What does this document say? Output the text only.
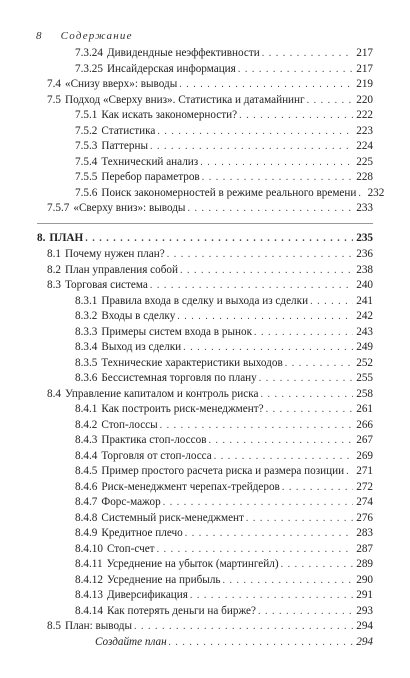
8 Содержание
7.3.24 Дивидендные неэффективности . . .	217
7.3.25 Инсайдерская информация . . .	217
7.4 «Снизу вверх»: выводы . . .	219
7.5 Подход «Сверху вниз». Статистика и датамайнинг . . .	220
7.5.1 Как искать закономерности? . . .	222
7.5.2 Статистика . . .	223
7.5.3 Паттерны . . .	224
7.5.4 Технический анализ . . .	225
7.5.5 Перебор параметров . . .	228
7.5.6 Поиск закономерностей в режиме реального времени . . . 232
7.5.7 «Сверху вниз»: выводы . . .	233
8. ПЛАН . . .	235
8.1 Почему нужен план? . . .	236
8.2 План управления собой . . .	238
8.3 Торговая система . . .	240
8.3.1 Правила входа в сделку и выхода из сделки . . .	241
8.3.2 Входы в сделку . . .	242
8.3.3 Примеры систем входа в рынок . . .	243
8.3.4 Выход из сделки . . .	249
8.3.5 Технические характеристики выходов . . .	252
8.3.6 Бессистемная торговля по плану . . .	255
8.4 Управление капиталом и контроль риска . . .	258
8.4.1 Как построить риск-менеджмент? . . .	261
8.4.2 Стоп-лоссы . . .	266
8.4.3 Практика стоп-лоссов . . .	267
8.4.4 Торговля от стоп-лосса . . .	269
8.4.5 Пример простого расчета риска и размера позиции . . . 271
8.4.6 Риск-менеджмент черепах-трейдеров . . .	272
8.4.7 Форс-мажор . . .	274
8.4.8 Системный риск-менеджмент . . .	276
8.4.9 Кредитное плечо . . .	283
8.4.10 Стоп-счет . . .	287
8.4.11 Усреднение на убыток (мартингейл) . . .	289
8.4.12 Усреднение на прибыль . . .	290
8.4.13 Диверсификация . . .	291
8.4.14 Как потерять деньги на бирже? . . .	293
8.5 План: выводы . . .	294
Создайте план . . .	294
